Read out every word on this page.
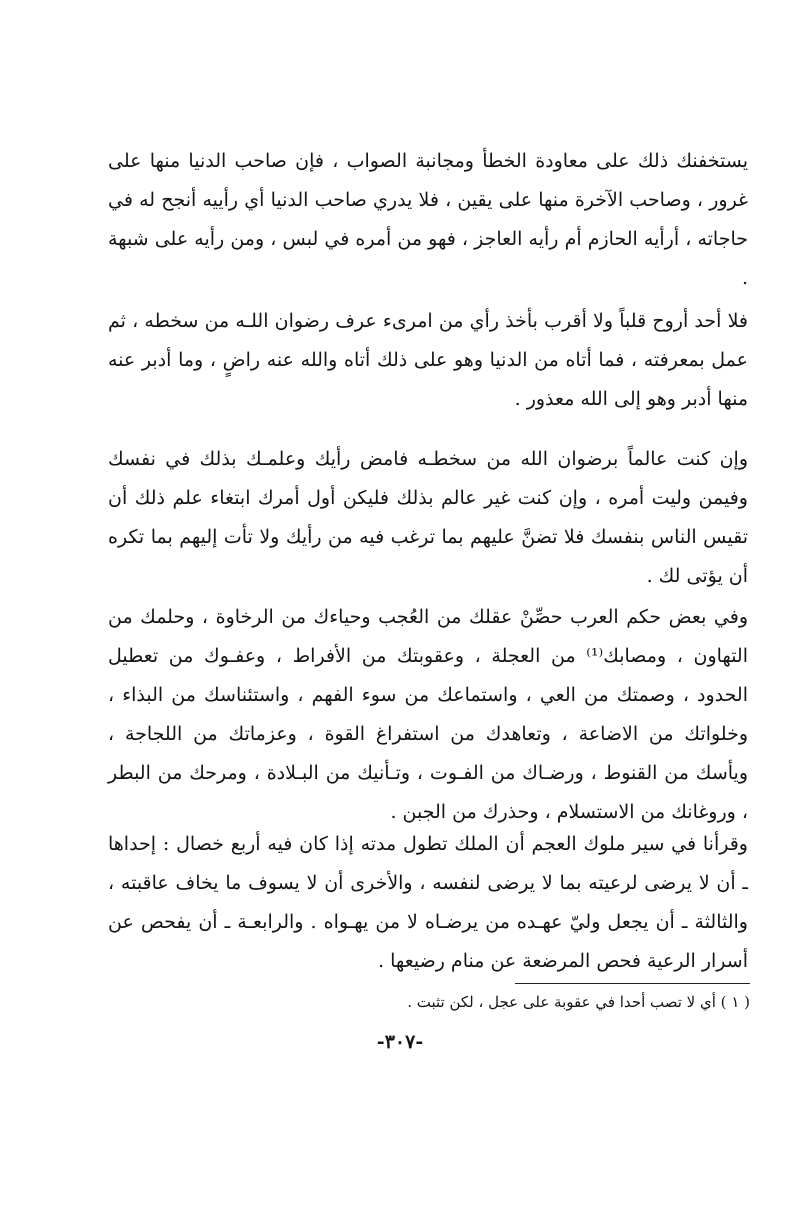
يستخفنك ذلك على معاودة الخطأ ومجانبة الصواب ، فإن صاحب الدنيا منها على غرور ، وصاحب الآخرة منها على يقين ، فلا يدري صاحب الدنيا أي رأييه أنجح له في حاجاته ، أرأيه الحازم أم رأيه العاجز ، فهو من أمره في لبس ، ومن رأيه على شبهة .

فلا أحد أروح قلباً ولا أقرب بأخذ رأي من امرىء عرف رضوان اللـه من سخطه ، ثم عمل بمعرفته ، فما أتاه من الدنيا وهو على ذلك أتاه والله عنه راضٍ ، وما أدبر عنه منها أدبر وهو إلى الله معذور .

وإن كنت عالماً برضوان الله من سخطـه فامض رأيك وعلمـك بذلك في نفسك وفيمن وليت أمره ، وإن كنت غير عالم بذلك فليكن أول أمرك ابتغاء علم ذلك أن تقيس الناس بنفسك فلا تضنَّ عليهم بما ترغب فيه من رأيك ولا تأت إليهم بما تكره أن يؤتى لك .

وفي بعض حكم العرب حصِّنْ عقلك من العُجب وحياءك من الرخاوة ، وحلمك من التهاون ، ومصابك⁽¹⁾ من العجلة ، وعقوبتك من الأفراط ، وعفـوك من تعطيل الحدود ، وصمتك من العي ، واستماعك من سوء الفهم ، واستئناسك من البذاء ، وخلواتك من الاضاعة ، وتعاهدك من استفراغ القوة ، وعزماتك من اللجاجة ، ويأسك من القنوط ، ورضـاك من الفـوت ، وتـأنيك من البـلادة ، ومرحك من البطر ، وروغانك من الاستسلام ، وحذرك من الجبن .

وقرأنا في سير ملوك العجم أن الملك تطول مدته إذا كان فيه أربع خصال : إحداها ـ أن لا يرضى لرعيته بما لا يرضى لنفسه ، والأخرى أن لا يسوف ما يخاف عاقبته ، والثالثة ـ أن يجعل وليّ عهـده من يرضـاه لا من يهـواه . والرابعـة ـ أن يفحص عن أسرار الرعية فحص المرضعة عن منام رضيعها .

( ١ ) أي لا تصب أحدا في عقوبة على عجل ، لكن تثبت .
-٣٠٧-
